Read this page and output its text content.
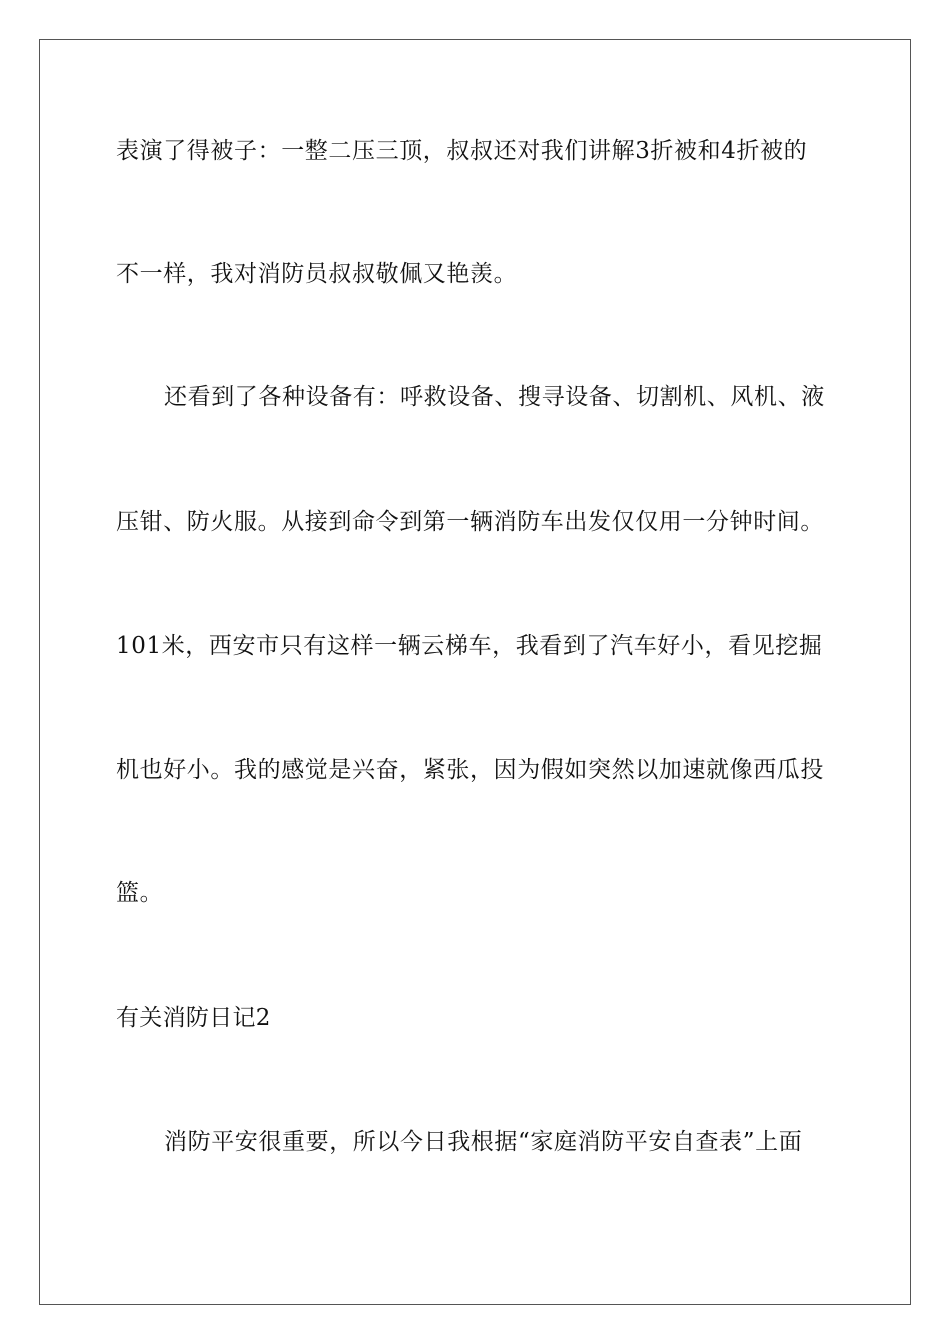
表演了得被子：一整二压三顶，叔叔还对我们讲解3折被和4折被的
不一样，我对消防员叔叔敬佩又艳羡。
还看到了各种设备有：呼救设备、搜寻设备、切割机、风机、液
压钳、防火服。从接到命令到第一辆消防车出发仅仅用一分钟时间。
101米，西安市只有这样一辆云梯车，我看到了汽车好小，看见挖掘
机也好小。我的感觉是兴奋，紧张，因为假如突然以加速就像西瓜投
篮。
有关消防日记2
消防平安很重要，所以今日我根据“家庭消防平安自查表”上面
